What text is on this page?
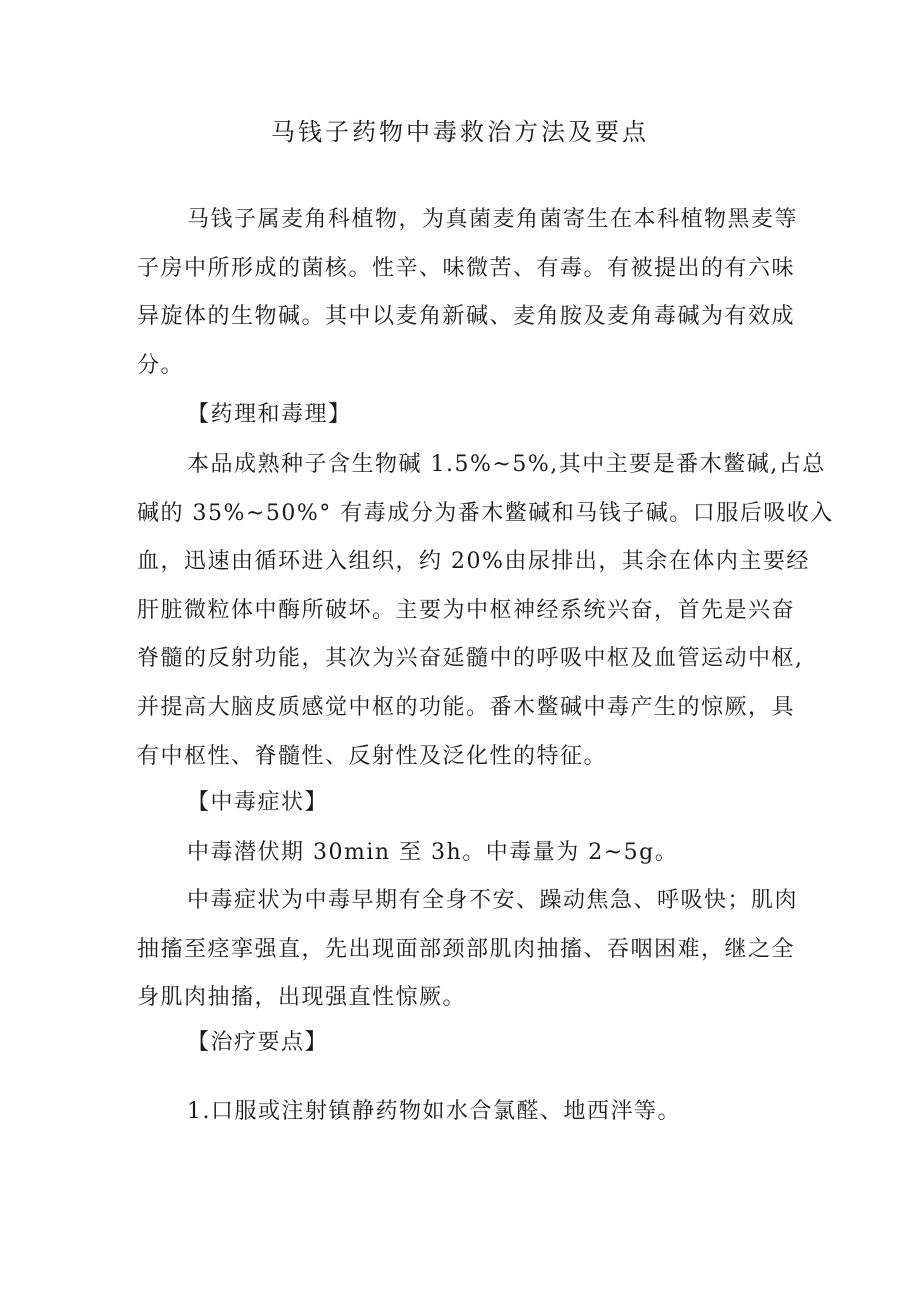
马钱子药物中毒救治方法及要点
马钱子属麦角科植物，为真菌麦角菌寄生在本科植物黑麦等
子房中所形成的菌核。性辛、味微苦、有毒。有被提出的有六味
异旋体的生物碱。其中以麦角新碱、麦角胺及麦角毒碱为有效成
分。
【药理和毒理】
本品成熟种子含生物碱 1.5%~5%,其中主要是番木鳖碱,占总
碱的 35%~50%° 有毒成分为番木鳖碱和马钱子碱。口服后吸收入
血，迅速由循环进入组织，约 20%由尿排出，其余在体内主要经
肝脏微粒体中酶所破坏。主要为中枢神经系统兴奋，首先是兴奋
脊髓的反射功能，其次为兴奋延髓中的呼吸中枢及血管运动中枢,
并提高大脑皮质感觉中枢的功能。番木鳖碱中毒产生的惊厥，具
有中枢性、脊髓性、反射性及泛化性的特征。
【中毒症状】
中毒潜伏期 30min 至 3h。中毒量为 2~5g。
中毒症状为中毒早期有全身不安、躁动焦急、呼吸快；肌肉
抽搐至痉挛强直，先出现面部颈部肌肉抽搐、吞咽困难，继之全
身肌肉抽搐，出现强直性惊厥。
【治疗要点】
1.口服或注射镇静药物如水合氯醛、地西泮等。
